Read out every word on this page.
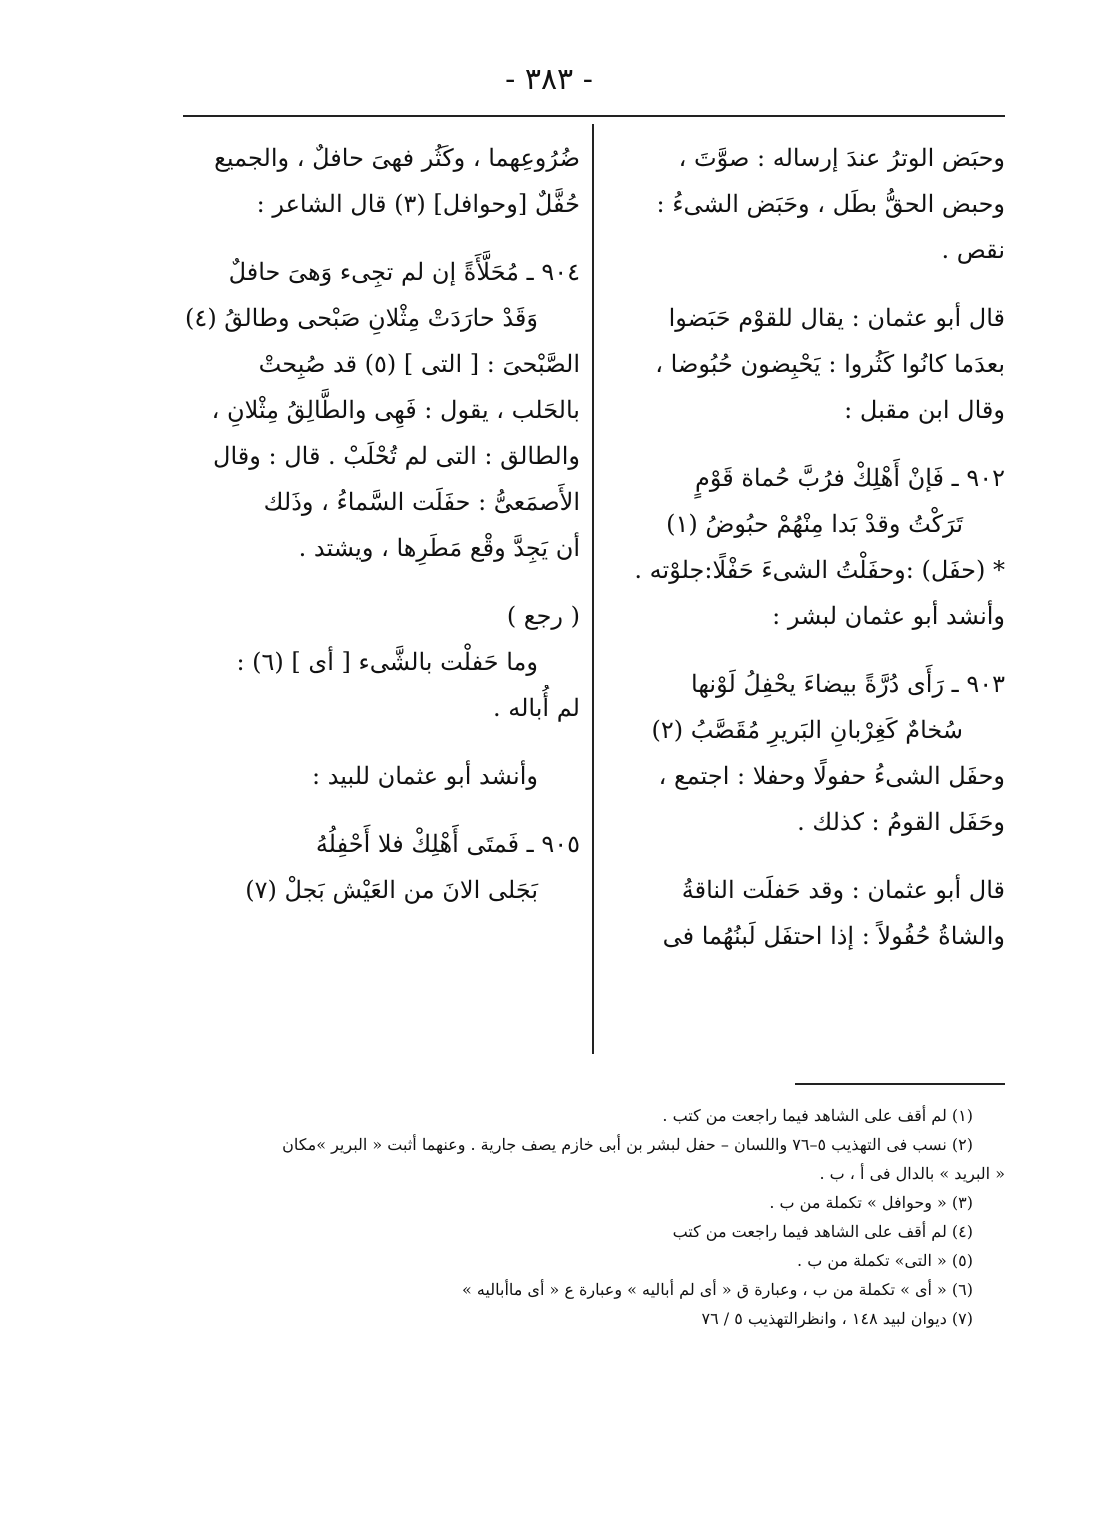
- ٣٨٣ -
وحبَض الوترُ عندَ إرساله : صوَّتَ ،
وحبض الحقُّ بطَل ، وحَبَض الشىءُ :
نقص .
قال أبو عثمان : يقال للقوْم حَبَضوا
بعدَما كانُوا كَثُروا : يَحْبِضون حُبُوضا ،
وقال ابن مقبل :
٩٠٢ ـ فَإنْ أَهْلِكْ فرُبَّ حُماة قَوْمٍ
تَرَكْتُ وقدْ بَدا مِنْهُمْ حبُوضُ (١)
* (حفَل) :وحفَلْتُ الشىءَ حَفْلًا:جلوْته .
وأنشد أبو عثمان لبشر :
٩٠٣ ـ رَأَى دُرَّةً بيضاءَ يحْفِلُ لَوْنها
سُخامٌ كَغِرْبانِ البَريرِ مُقَصَّبُ (٢)
وحفَل الشىءُ حفولًا وحفلا : اجتمع ،
وحَفَل القومُ : كذلك .
قال أبو عثمان : وقد حَفلَت الناقةُ
والشاةُ حُفُولاً : إذا احتفَل لَبنُهُما فى
ضُرُوعِهما ، وكَثُر فهىَ حافلٌ ، والجميع
حُفَّلٌ [وحوافل] (٣) قال الشاعر :
٩٠٤ ـ مُحَلَّأَةً إن لم تجِىء وَهىَ حافلٌ
وَقَدْ حارَدَتْ مِثْلانِ صَبْحى وطالقُ (٤)
الصَّبْحىَ : [ التى ] (٥) قد صُبِحتْ
بالحَلب ، يقول : فَهِى والطَّالِقُ مِثْلانِ ،
والطالق : التى لم تُحْلَبْ . قال : وقال
الأَصمَعىُّ : حفَلَت السَّماءُ ، وذَلك
أن يَجِدَّ وقْع مَطَرِها ، ويشتد .
( رجع )
وما حَفلْت بالشَّىء [ أى ] (٦) :
لم أُباله .
وأنشد أبو عثمان للبيد :
٩٠٥ ـ فَمتَى أَهْلِكْ فلا أَحْفِلُهُ
بَجَلى الانَ من العَيْش بَجلْ (٧)
(١) لم أقف على الشاهد فيما راجعت من كتب .
(٢) نسب فى التهذيب ٥–٧٦ واللسان – حفل لبشر بن أبى خازم يصف جارية . وعنهما أثبت « البرير »مكان
« البريد » بالدال فى أ ، ب .
(٣) « وحوافل » تكملة من ب .
(٤) لم أقف على الشاهد فيما راجعت من كتب
(٥) « التى» تكملة من ب .
(٦) « أى » تكملة من ب ، وعبارة ق « أى لم أباليه » وعبارة ع « أى ماأباليه »
(٧) ديوان لبيد ١٤٨ ، وانظرالتهذيب ٥ / ٧٦
